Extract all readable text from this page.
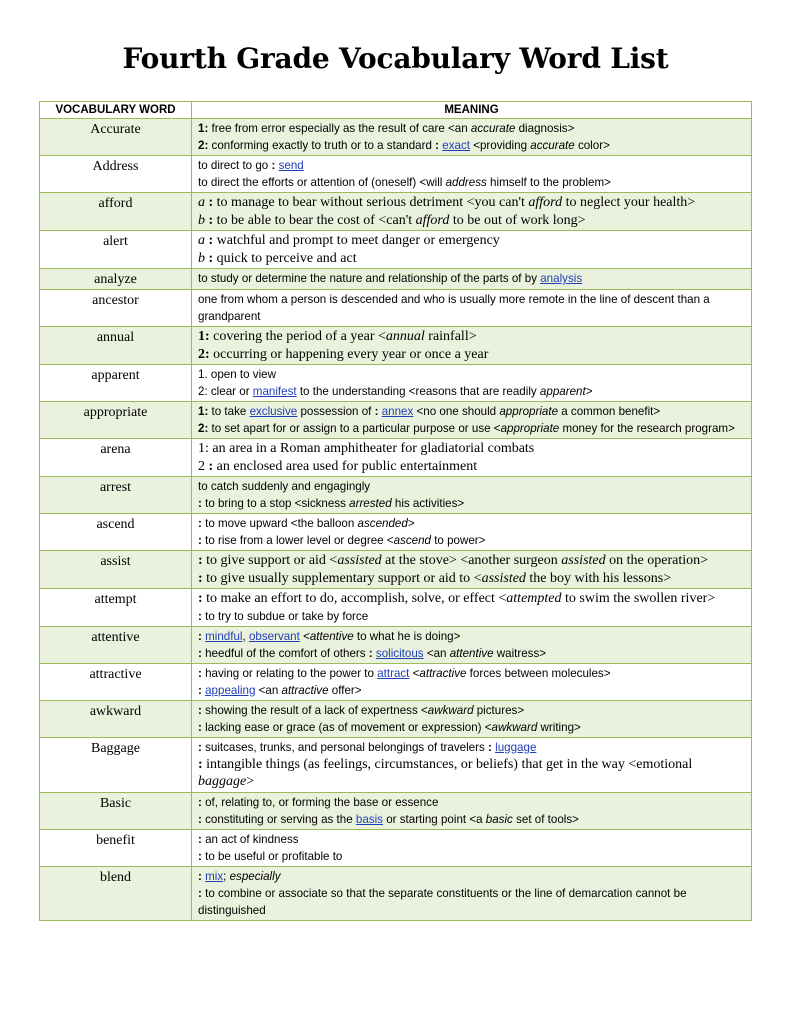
Fourth Grade Vocabulary Word List
VOCABULARY WORD	MEANING
Accurate	1: free from error especially as the result of care <an accurate diagnosis>
2: conforming exactly to truth or to a standard : exact <providing accurate color>

Address	to direct to go : send
to direct the efforts or attention of (oneself) <will address himself to the problem>

afford	a : to manage to bear without serious detriment <you can't afford to neglect your health>
b : to be able to bear the cost of <can't afford to be out of work long>

alert	a : watchful and prompt to meet danger or emergency
b : quick to perceive and act

analyze	to study or determine the nature and relationship of the parts of by analysis

ancestor	one from whom a person is descended and who is usually more remote in the line of descent than a grandparent

annual	1: covering the period of a year <annual rainfall>
2: occurring or happening every year or once a year

apparent	1. open to view
2: clear or manifest to the understanding <reasons that are readily apparent>

appropriate	1: to take exclusive possession of : annex <no one should appropriate a common benefit>
2: to set apart for or assign to a particular purpose or use <appropriate money for the research program>

arena	1: an area in a Roman amphitheater for gladiatorial combats
2 : an enclosed area used for public entertainment

arrest	to catch suddenly and engagingly
: to bring to a stop <sickness arrested his activities>

ascend	: to move upward <the balloon ascended>
: to rise from a lower level or degree <ascend to power>

assist	: to give support or aid <assisted at the stove> <another surgeon assisted on the operation>
: to give usually supplementary support or aid to <assisted the boy with his lessons>

attempt	: to make an effort to do, accomplish, solve, or effect <attempted to swim the swollen river>
: to try to subdue or take by force

attentive	: mindful, observant <attentive to what he is doing>
: heedful of the comfort of others : solicitous <an attentive waitress>

attractive	: having or relating to the power to attract <attractive forces between molecules>
: appealing <an attractive offer>

awkward	: showing the result of a lack of expertness <awkward pictures>
: lacking ease or grace (as of movement or expression) <awkward writing>

Baggage	: suitcases, trunks, and personal belongings of travelers : luggage
: intangible things (as feelings, circumstances, or beliefs) that get in the way <emotional baggage>

Basic	: of, relating to, or forming the base or essence
: constituting or serving as the basis or starting point <a basic set of tools>

benefit	: an act of kindness
: to be useful or profitable to

blend	: mix; especially
: to combine or associate so that the separate constituents or the line of demarcation cannot be distinguished
